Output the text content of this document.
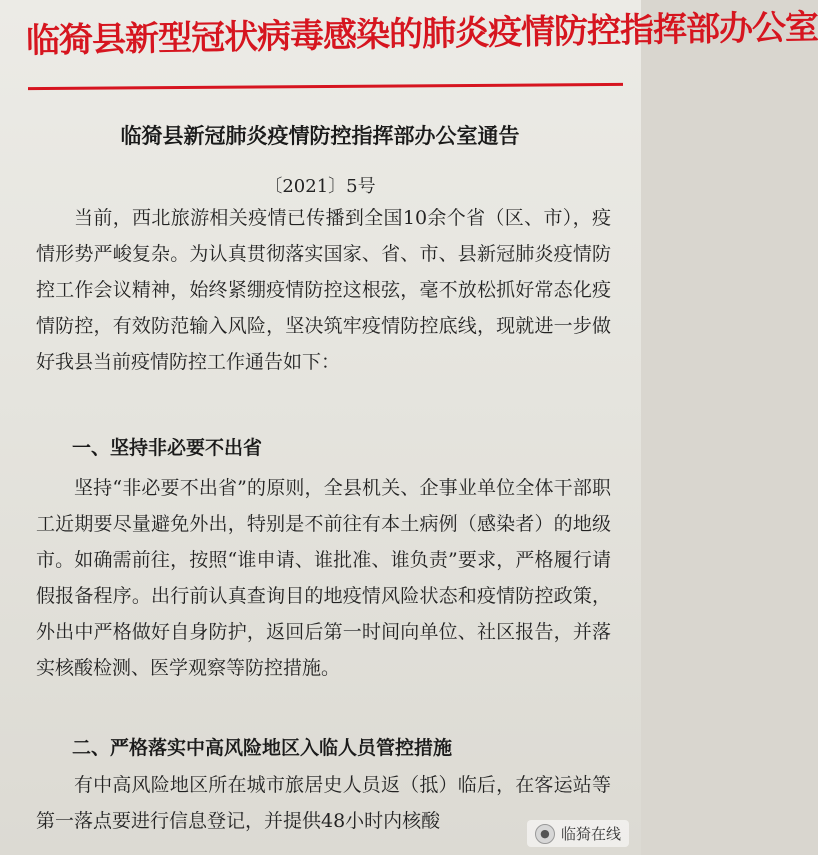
临猗县新型冠状病毒感染的肺炎疫情防控指挥部办公室
临猗县新冠肺炎疫情防控指挥部办公室通告
〔2021〕5号
当前，西北旅游相关疫情已传播到全国10余个省（区、市），疫情形势严峻复杂。为认真贯彻落实国家、省、市、县新冠肺炎疫情防控工作会议精神，始终紧绷疫情防控这根弦，毫不放松抓好常态化疫情防控，有效防范输入风险，坚决筑牢疫情防控底线，现就进一步做好我县当前疫情防控工作通告如下：
一、坚持非必要不出省
坚持“非必要不出省”的原则，全县机关、企事业单位全体干部职工近期要尽量避免外出，特别是不前往有本土病例（感染者）的地级市。如确需前往，按照“谁申请、谁批准、谁负责”要求，严格履行请假报备程序。出行前认真查询目的地疫情风险状态和疫情防控政策，外出中严格做好自身防护，返回后第一时间向单位、社区报告，并落实核酸检测、医学观察等防控措施。
二、严格落实中高风险地区入临人员管控措施
有中高风险地区所在城市旅居史人员返（抵）临后，在客运站等第一落点要进行信息登记，并提供48小时内核酸
● 临猗在线
